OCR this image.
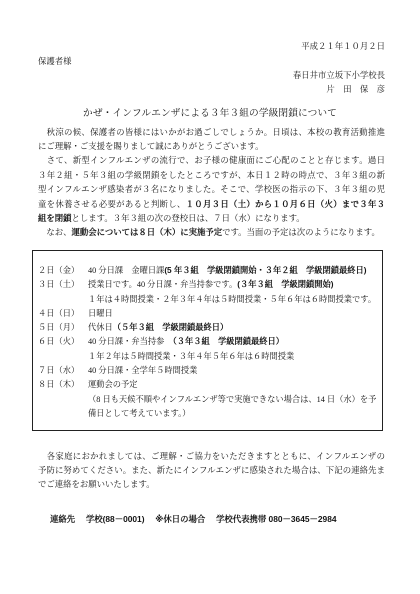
平成２１年１０月２日
保護者様
春日井市立坂下小学校長
片　田　保　彦
かぜ・インフルエンザによる３年３組の学級閉鎖について
　秋涼の候、保護者の皆様にはいかがお過ごしでしょうか。日頃は、本校の教育活動推進
にご理解・ご支援を賜りまして誠にありがとうございます。
　さて、新型インフルエンザの流行で、お子様の健康面にご心配のことと存じます。過日
３年２組・５年３組の学級閉鎖をしたところですが、本日１２時の時点で、３年３組の新
型インフルエンザ感染者が３名になりました。そこで、学校医の指示の下、３年３組の児
童を休養させる必要があると判断し、１０月３日（土）から１０月６日（火）まで３年３
組を閉鎖とします。３年３組の次の登校日は、７日（水）になります。
　なお、運動会については８日（木）に実施予定です。当面の予定は次のようになります。
２日（金）	40 分日課　金曜日課(5 年３組　学級閉鎖開始・３年２組　学級閉鎖最終日)
３日（土）	授業日です。40 分日課・弁当持参です。(３年３組　学級閉鎖開始)
１年は４時間授業・２年３年４年は５時間授業・５年６年は６時間授業です。
４日（日）	日曜日
５日（月）	代休日（５年３組　学級閉鎖最終日）
６日（火）	40 分日課・弁当持参　（３年３組　学級閉鎖最終日）
１年２年は５時間授業・３年４年５年６年は６時間授業
７日（水）	40 分日課・全学年５時間授業
８日（木）	運動会の予定
（8 日も天候不順やインフルエンザ等で実施できない場合は、14 日（水）を予
備日として考えています。）
　各家庭におかれましては、ご理解・ご協力をいただきますとともに、インフルエンザの
予防に努めてください。また、新たにインフルエンザに感染された場合は、下記の連絡先ま
でご連絡をお願いいたします。
連絡先 学校(88－0001) ※休日の場合 学校代表携帯 080－3645－2984
